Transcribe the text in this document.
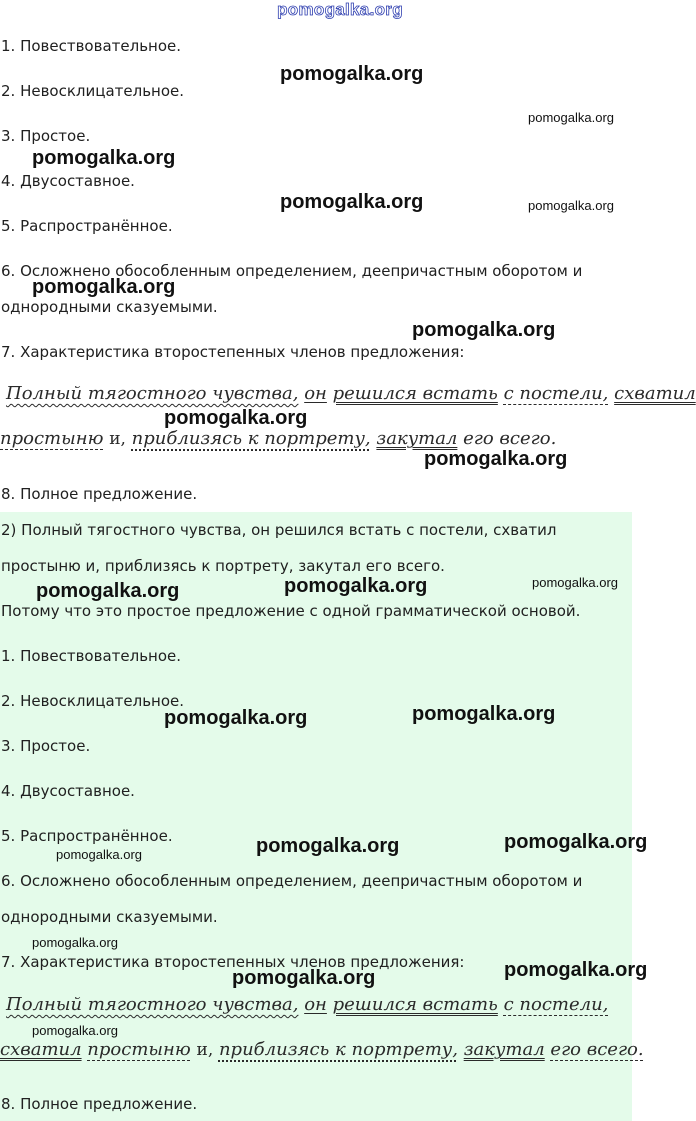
pomogalka.org
1. Повествовательное.
2. Невосклицательное.
3. Простое.
4. Двусоставное.
5. Распространённое.
6. Осложнено обособленным определением, деепричастным оборотом и
однородными сказуемыми.
7. Характеристика второстепенных членов предложения:
Полный тягостного чувства, он решился встать с постели, схватил
простыню и, приблизясь к портрету, закутал его всего.
8. Полное предложение.
2) Полный тягостного чувства, он решился встать с постели, схватил
простыню и, приблизясь к портрету, закутал его всего.
Потому что это простое предложение с одной грамматической основой.
1. Повествовательное.
2. Невосклицательное.
3. Простое.
4. Двусоставное.
5. Распространённое.
6. Осложнено обособленным определением, деепричастным оборотом и
однородными сказуемыми.
7. Характеристика второстепенных членов предложения:
Полный тягостного чувства, он решился встать с постели,
схватил простыню и, приблизясь к портрету, закутал его всего.
8. Полное предложение.
pomogalka.org
pomogalka.org
pomogalka.org
pomogalka.org	pomogalka.org
pomogalka.org
pomogalka.org
pomogalka.org
pomogalka.org
pomogalka.org	pomogalka.org	pomogalka.org
pomogalka.org	pomogalka.org
pomogalka.org	pomogalka.org
pomogalka.org
pomogalka.org
pomogalka.org	pomogalka.org
pomogalka.org
